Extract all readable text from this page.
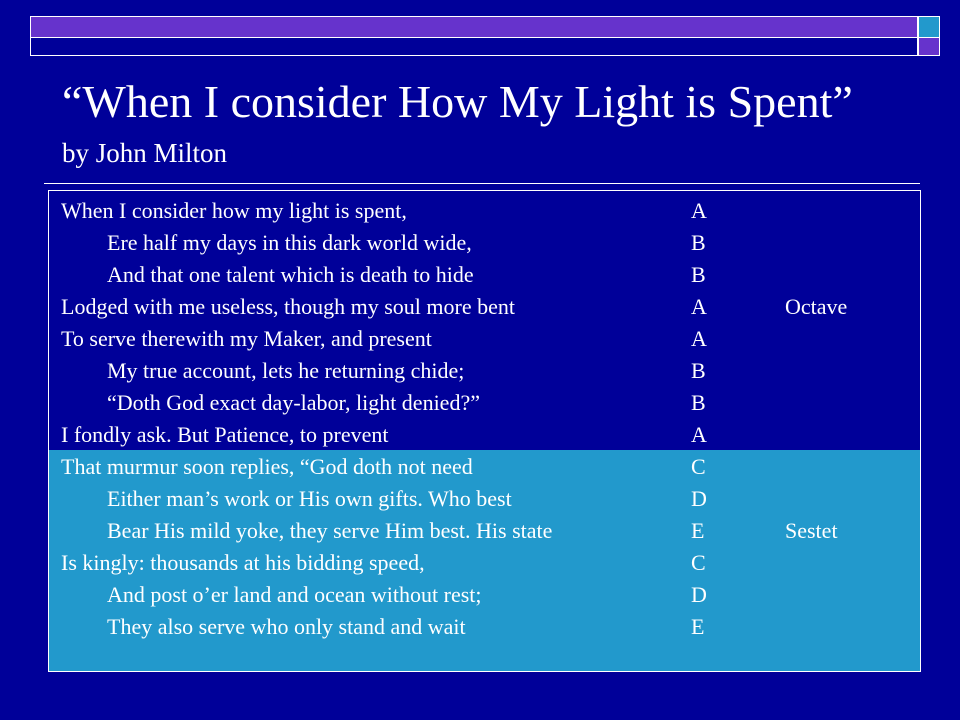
“When I consider How My Light is Spent”
by John Milton
When I consider how my light is spent,	A
Ere half my days in this dark world wide,	B
And that one talent which is death to hide	B
Lodged with me useless, though my soul more bent	A	Octave
To serve therewith my Maker, and present	A
My true account, lets he returning chide;	B
“Doth God exact day-labor, light denied?”	B
I fondly ask. But Patience, to prevent	A
That murmur soon replies, “God doth not need	C
Either man’s work or His own gifts. Who best	D
Bear His mild yoke, they serve Him best. His state	E	Sestet
Is kingly: thousands at his bidding speed,	C
And post o’er land and ocean without rest;	D
They also serve who only stand and wait	E
